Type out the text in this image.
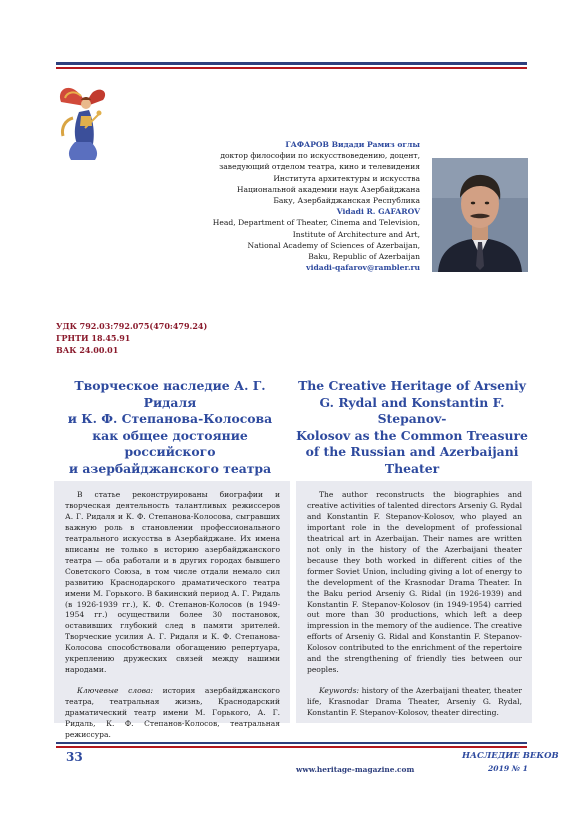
ГАФАРОВ Видади Рамиз оглы
доктор философии по искусствоведению, доцент,
заведующий отделом театра, кино и телевидения
Института архитектуры и искусства
Национальной академии наук Азербайджана
Баку, Азербайджанская Республика
Vidadi R. GAFAROV
Head, Department of Theater, Cinema and Television,
Institute of Architecture and Art,
National Academy of Sciences of Azerbaijan,
Baku, Republic of Azerbaijan
vidadi-qafarov@rambler.ru
УДК 792.03:792.075(470:479.24)
ГРНТИ 18.45.91
ВАК 24.00.01
Творческое наследие А. Г. Ридаля
и К. Ф. Степанова-Колосова
как общее достояние российского
и азербайджанского театра
The Creative Heritage of Arseniy
G. Rydal and Konstantin F. Stepanov-
Kolosov as the Common Treasure
of the Russian and Azerbaijani Theater

В статье реконструированы биографии и творческая деятельность талантливых режиссеров А. Г. Ридаля и К. Ф. Степанова-Колосова, сыгравших важную роль в становлении профессионального театрального искусства в Азербайджане. Их имена вписаны не только в историю азербайджанского театра — оба работали и в других городах бывшего Советского Союза, в том числе отдали немало сил развитию Краснодарского драматического театра имени М. Горького. В бакинский период А. Г. Ридаль (в 1926-1939 гг.), К. Ф. Степанов-Колосов (в 1949-1954 гг.) осуществили более 30 постановок, оставивших глубокий след в памяти зрителей. Творческие усилия А. Г. Ридаля и К. Ф. Степанова-Колосова способствовали обогащению репертуара, укреплению дружеских связей между нашими народами.

Ключевые слова: история азербайджанского театра, театральная жизнь, Краснодарский драматический театр имени М. Горького, А. Г. Ридаль, К. Ф. Степанов-Колосов, театральная режиссура.

The author reconstructs the biographies and creative activities of talented directors Arseniy G. Rydal and Konstantin F. Stepanov-Kolosov, who played an important role in the development of professional theatrical art in Azerbaijan. Their names are written not only in the history of the Azerbaijani theater because they both worked in different cities of the former Soviet Union, including giving a lot of energy to the development of the Krasnodar Drama Theater. In the Baku period Arseniy G. Ridal (in 1926-1939) and Konstantin F. Stepanov-Kolosov (in 1949-1954) carried out more than 30 productions, which left a deep impression in the memory of the audience. The creative efforts of Arseniy G. Ridal and Konstantin F. Stepanov-Kolosov contributed to the enrichment of the repertoire and the strengthening of friendly ties between our peoples.

Keywords: history of the Azerbaijani theater, theater life, Krasnodar Drama Theater, Arseniy G. Rydal, Konstantin F. Stepanov-Kolosov, theater directing.

33
www.heritage-magazine.com
НАСЛЕДИЕ ВЕКОВ
2019 № 1
